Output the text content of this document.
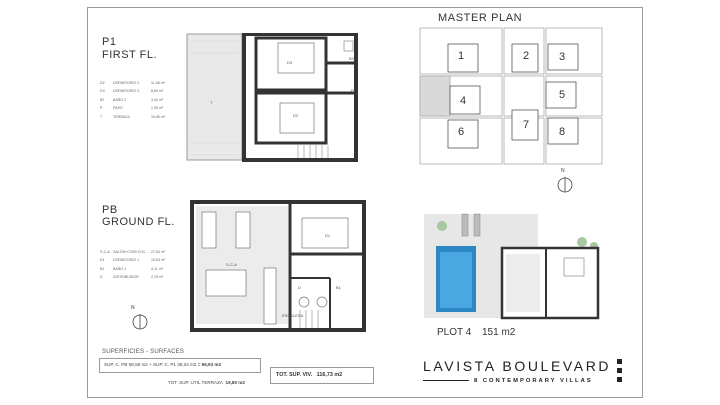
P1
FIRST FL.
D2 DORMITORIO 2	11,08 m²
D3 DORMITORIO 3	8,84 m²
B2 BAÑO 2	3,40 m²
P	PASO	2,35 m²
T	TERRAZA	19,80 m²
D3
D2
B2
P
T
PB
GROUND FL.
S-C-A SALÓN+COM+COC 27,54 m²
D1 DORMITORIO 1	10,63 m²
B1 BAÑO 1	4,11 m²
D	DISTRIBUIDOR	2,78 m²
N
S-C-A
D1
D	B1
ESCALERA
MASTER PLAN
1	2	3
4	5
6
7
8
N
PLOT 4 151 m2
SUPERFICIES - SURFACES
SUP. C. PB 58,59 m2 + SUP. C. P1 38,34 m2 = 96,93 m2
TOT. SUP. VIV. 116,73 m2
TOT. SUP. ÚTIL TERRAZA 19,80 m2
LAVISTA BOULEVARD
8 CONTEMPORARY VILLAS
